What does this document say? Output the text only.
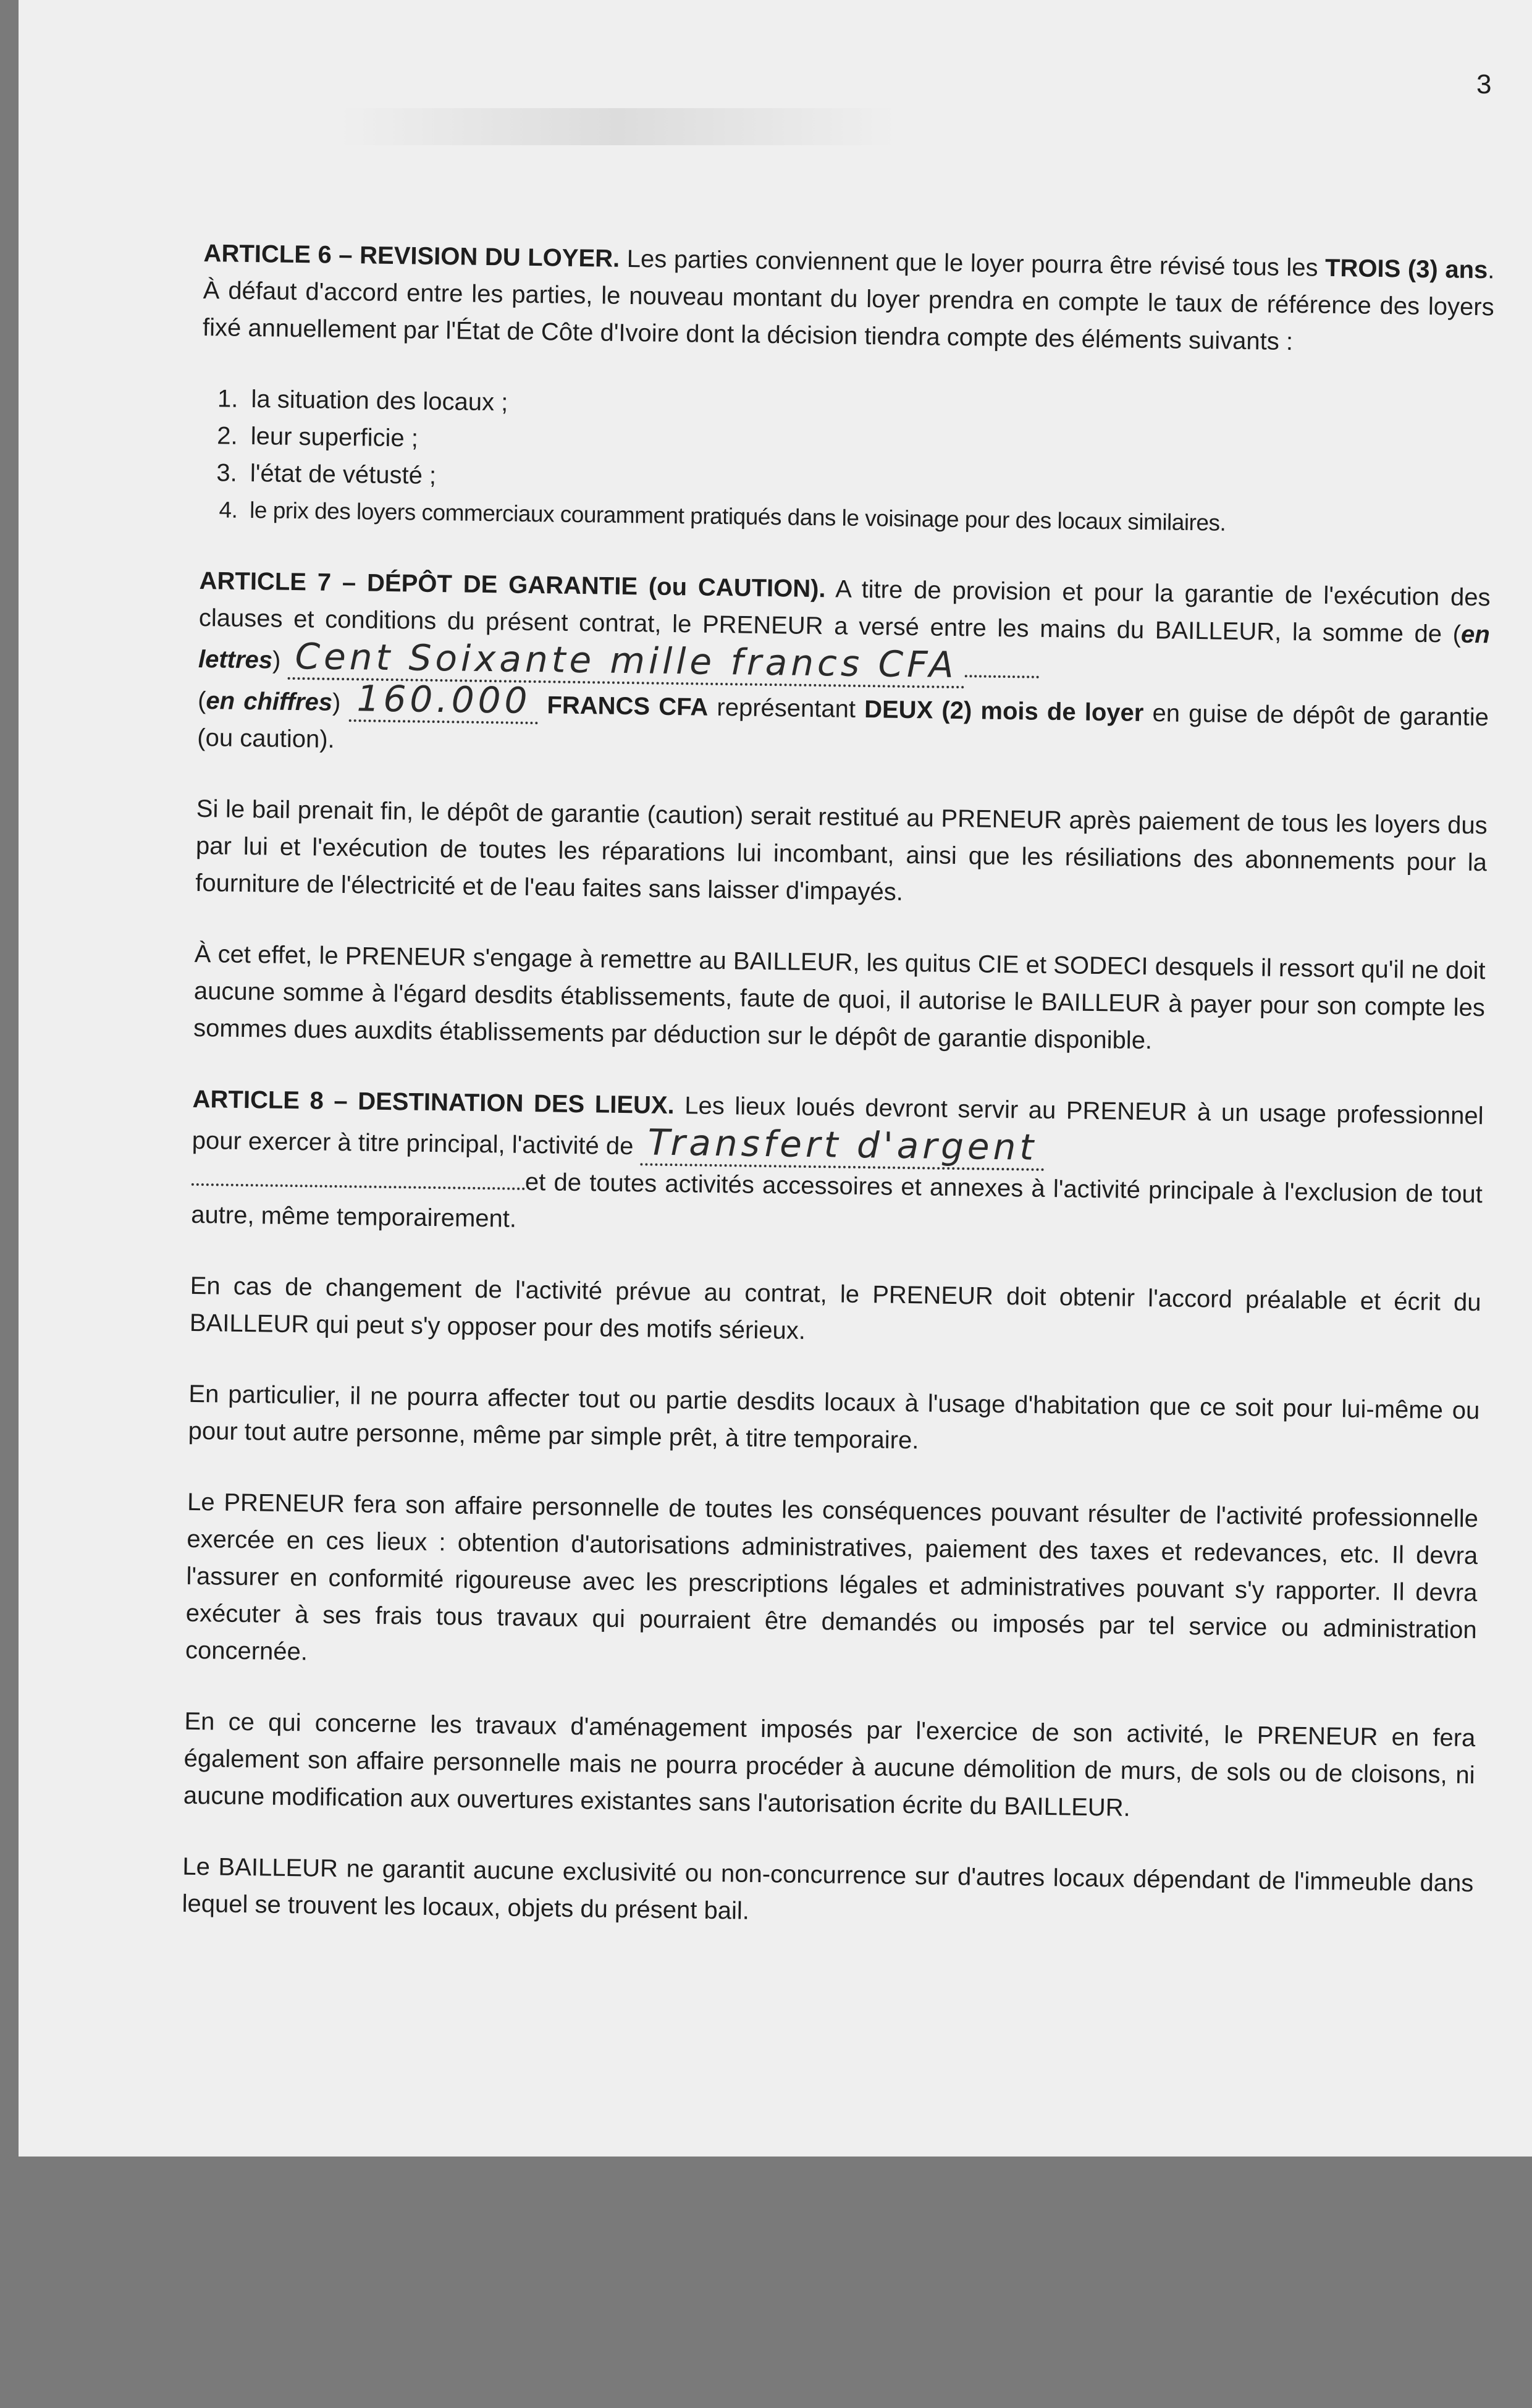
3

ARTICLE 6 – REVISION DU LOYER. Les parties conviennent que le loyer pourra être révisé tous les TROIS (3) ans. À défaut d'accord entre les parties, le nouveau montant du loyer prendra en compte le taux de référence des loyers fixé annuellement par l'État de Côte d'Ivoire dont la décision tiendra compte des éléments suivants :

1. la situation des locaux ;
2. leur superficie ;
3. l'état de vétusté ;
4. le prix des loyers commerciaux couramment pratiqués dans le voisinage pour des locaux similaires.

ARTICLE 7 – DÉPÔT DE GARANTIE (ou CAUTION). A titre de provision et pour la garantie de l'exécution des clauses et conditions du présent contrat, le PRENEUR a versé entre les mains du BAILLEUR, la somme de (en lettres) Cent Soixante mille francs CFA
(en chiffres) 160.000 FRANCS CFA représentant DEUX (2) mois de loyer en guise de dépôt de garantie (ou caution).

Si le bail prenait fin, le dépôt de garantie (caution) serait restitué au PRENEUR après paiement de tous les loyers dus par lui et l'exécution de toutes les réparations lui incombant, ainsi que les résiliations des abonnements pour la fourniture de l'électricité et de l'eau faites sans laisser d'impayés.

À cet effet, le PRENEUR s'engage à remettre au BAILLEUR, les quitus CIE et SODECI desquels il ressort qu'il ne doit aucune somme à l'égard desdits établissements, faute de quoi, il autorise le BAILLEUR à payer pour son compte les sommes dues auxdits établissements par déduction sur le dépôt de garantie disponible.

ARTICLE 8 – DESTINATION DES LIEUX. Les lieux loués devront servir au PRENEUR à un usage professionnel pour exercer à titre principal, l'activité de Transfert d'argent
et de toutes activités accessoires et annexes à l'activité principale à l'exclusion de tout autre, même temporairement.

En cas de changement de l'activité prévue au contrat, le PRENEUR doit obtenir l'accord préalable et écrit du BAILLEUR qui peut s'y opposer pour des motifs sérieux.

En particulier, il ne pourra affecter tout ou partie desdits locaux à l'usage d'habitation que ce soit pour lui-même ou pour tout autre personne, même par simple prêt, à titre temporaire.

Le PRENEUR fera son affaire personnelle de toutes les conséquences pouvant résulter de l'activité professionnelle exercée en ces lieux : obtention d'autorisations administratives, paiement des taxes et redevances, etc. Il devra l'assurer en conformité rigoureuse avec les prescriptions légales et administratives pouvant s'y rapporter. Il devra exécuter à ses frais tous travaux qui pourraient être demandés ou imposés par tel service ou administration concernée.

En ce qui concerne les travaux d'aménagement imposés par l'exercice de son activité, le PRENEUR en fera également son affaire personnelle mais ne pourra procéder à aucune démolition de murs, de sols ou de cloisons, ni aucune modification aux ouvertures existantes sans l'autorisation écrite du BAILLEUR.

Le BAILLEUR ne garantit aucune exclusivité ou non-concurrence sur d'autres locaux dépendant de l'immeuble dans lequel se trouvent les locaux, objets du présent bail.
